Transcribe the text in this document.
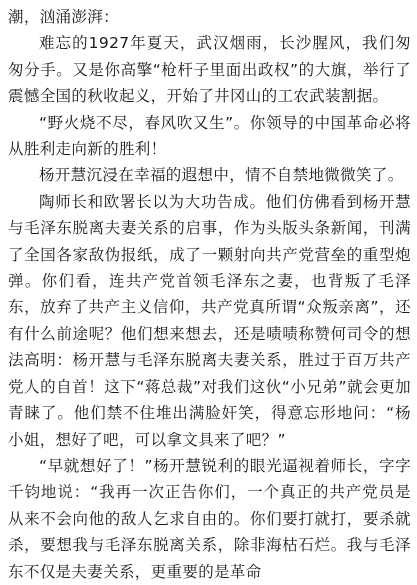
潮，汹涌澎湃：

难忘的1927年夏天，武汉烟雨，长沙腥风，我们匆匆分手。又是你高擎“枪杆子里面出政权”的大旗，举行了震憾全国的秋收起义，开始了井冈山的工农武装割据。

“野火烧不尽，春风吹又生”。你领导的中国革命必将从胜利走向新的胜利！

杨开慧沉浸在幸福的遐想中，情不自禁地微微笑了。

陶师长和欧署长以为大功告成。他们仿佛看到杨开慧与毛泽东脱离夫妻关系的启事，作为头版头条新闻，刊满了全国各家敌伪报纸，成了一颗射向共产党营垒的重型炮弹。你们看，连共产党首领毛泽东之妻，也背叛了毛泽东，放弃了共产主义信仰，共产党真所谓“众叛亲离”，还有什么前途呢？他们想来想去，还是啧啧称赞何司令的想法高明：杨开慧与毛泽东脱离夫妻关系，胜过于百万共产党人的自首！这下“蒋总裁”对我们这伙“小兄弟”就会更加青睐了。他们禁不住堆出满脸奸笑，得意忘形地问：“杨小姐，想好了吧，可以拿文具来了吧？”

“早就想好了！”杨开慧锐利的眼光逼视着师长，字字千钧地说：“我再一次正告你们，一个真正的共产党员是从来不会向他的敌人乞求自由的。你们要打就打，要杀就杀，要想我与毛泽东脱离关系，除非海枯石烂。我与毛泽东不仅是夫妻关系，更重要的是革命
